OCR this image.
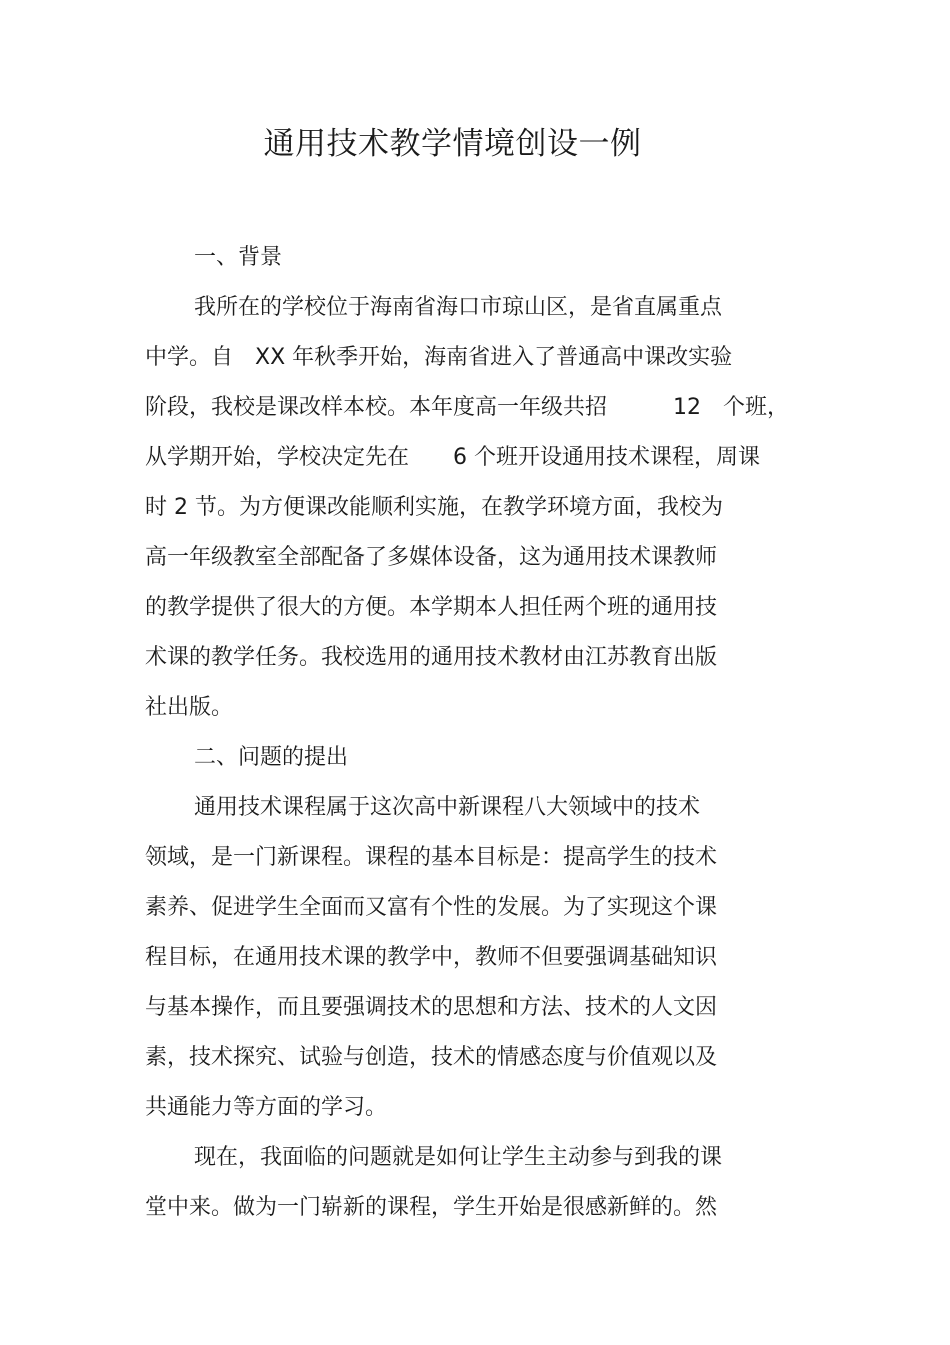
通用技术教学情境创设一例
一、背景
我所在的学校位于海南省海口市琼山区，是省直属重点
中学。自　XX 年秋季开始，海南省进入了普通高中课改实验
阶段，我校是课改样本校。本年度高一年级共招　　　12　个班，
从学期开始，学校决定先在　　6 个班开设通用技术课程，周课
时 2 节。为方便课改能顺利实施，在教学环境方面，我校为
高一年级教室全部配备了多媒体设备，这为通用技术课教师
的教学提供了很大的方便。本学期本人担任两个班的通用技
术课的教学任务。我校选用的通用技术教材由江苏教育出版
社出版。
二、问题的提出
通用技术课程属于这次高中新课程八大领域中的技术
领域，是一门新课程。课程的基本目标是：提高学生的技术
素养、促进学生全面而又富有个性的发展。为了实现这个课
程目标，在通用技术课的教学中，教师不但要强调基础知识
与基本操作，而且要强调技术的思想和方法、技术的人文因
素，技术探究、试验与创造，技术的情感态度与价值观以及
共通能力等方面的学习。
现在，我面临的问题就是如何让学生主动参与到我的课
堂中来。做为一门崭新的课程，学生开始是很感新鲜的。然
